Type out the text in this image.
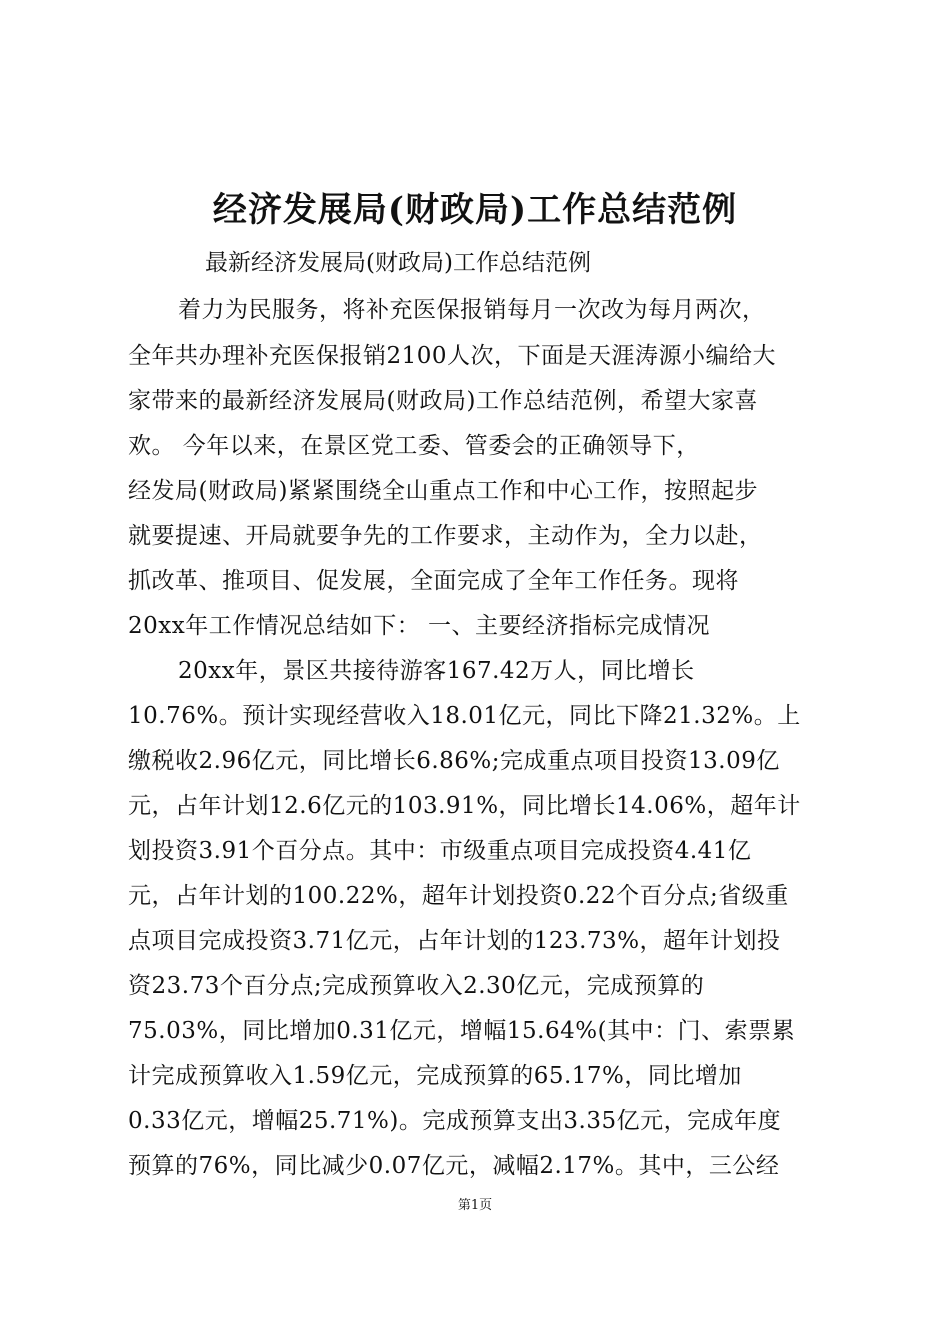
经济发展局(财政局)工作总结范例
最新经济发展局(财政局)工作总结范例
着力为民服务，将补充医保报销每月一次改为每月两次，
全年共办理补充医保报销2100人次，下面是天涯涛源小编给大
家带来的最新经济发展局(财政局)工作总结范例，希望大家喜
欢。 今年以来，在景区党工委、管委会的正确领导下，
经发局(财政局)紧紧围绕全山重点工作和中心工作，按照起步
就要提速、开局就要争先的工作要求，主动作为，全力以赴，
抓改革、推项目、促发展，全面完成了全年工作任务。现将
20xx年工作情况总结如下： 一、主要经济指标完成情况
20xx年，景区共接待游客167.42万人，同比增长
10.76%。预计实现经营收入18.01亿元，同比下降21.32%。上
缴税收2.96亿元，同比增长6.86%;完成重点项目投资13.09亿
元，占年计划12.6亿元的103.91%，同比增长14.06%，超年计
划投资3.91个百分点。其中：市级重点项目完成投资4.41亿
元，占年计划的100.22%，超年计划投资0.22个百分点;省级重
点项目完成投资3.71亿元，占年计划的123.73%，超年计划投
资23.73个百分点;完成预算收入2.30亿元，完成预算的
75.03%，同比增加0.31亿元，增幅15.64%(其中：门、索票累
计完成预算收入1.59亿元，完成预算的65.17%，同比增加
0.33亿元，增幅25.71%)。完成预算支出3.35亿元，完成年度
预算的76%，同比减少0.07亿元，减幅2.17%。其中，三公经
第1页
